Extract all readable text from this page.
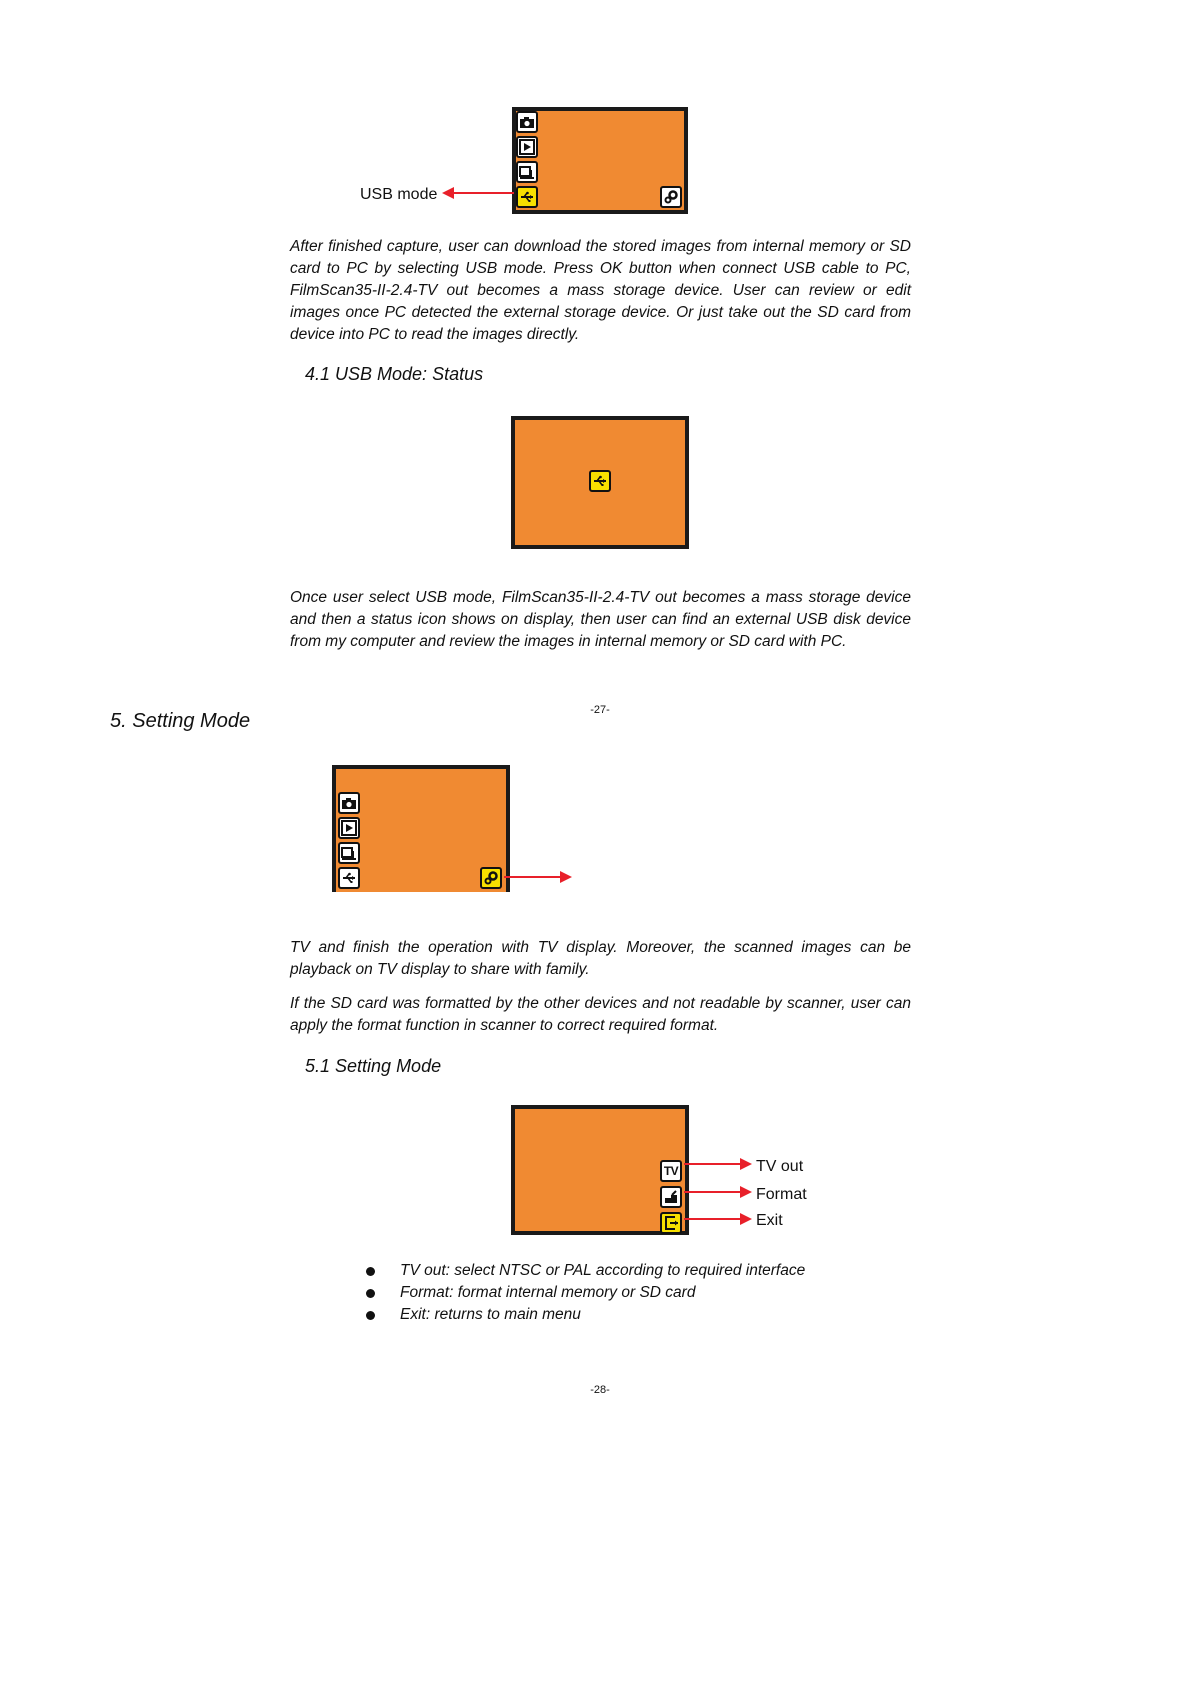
USB mode

After finished capture, user can download the stored images from internal memory or SD card to PC by selecting USB mode. Press OK button when connect USB cable to PC, FilmScan35-II-2.4-TV out becomes a mass storage device. User can review or edit images once PC detected the external storage device. Or just take out the SD card from device into PC to read the images directly.

4.1 USB Mode: Status

Once user select USB mode, FilmScan35-II-2.4-TV out becomes a mass storage device and then a status icon shows on display, then user can find an external USB disk device from my computer and review the images in internal memory or SD card with PC.

-27-
5. Setting Mode

TV and finish the operation with TV display. Moreover, the scanned images can be playback on TV display to share with family.

If the SD card was formatted by the other devices and not readable by scanner, user can apply the format function in scanner to correct required format.

5.1 Setting Mode
TV	TV out
Format
Exit
TV out: select NTSC or PAL according to required interface
Format: format internal memory or SD card
Exit: returns to main menu
-28-
